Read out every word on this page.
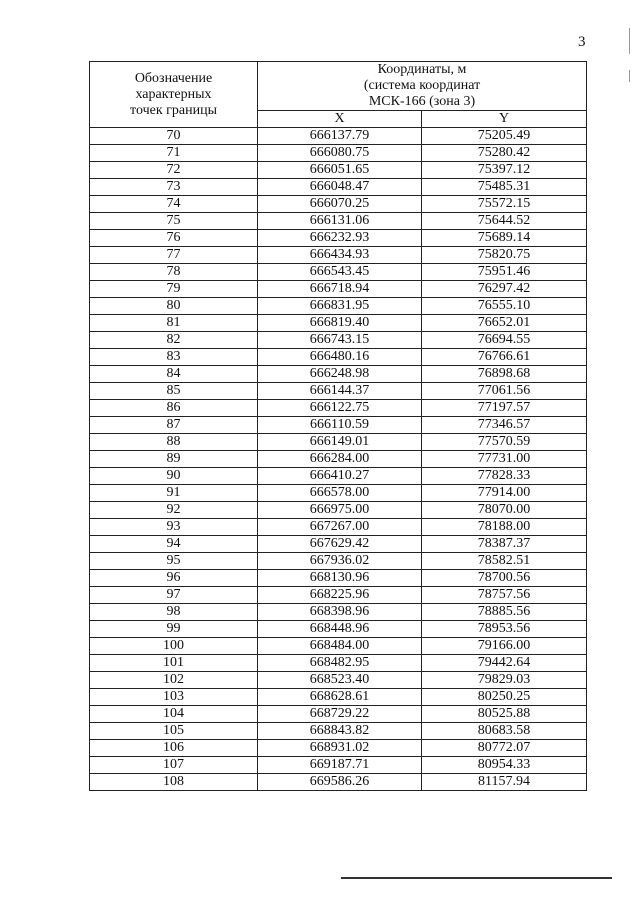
3
Обозначение
характерных
точек границы	Координаты, м
(система координат
МСК-166 (зона 3)	

	X	Y
70	666137.79	75205.49
71	666080.75	75280.42
72	666051.65	75397.12
73	666048.47	75485.31
74	666070.25	75572.15
75	666131.06	75644.52
76	666232.93	75689.14
77	666434.93	75820.75
78	666543.45	75951.46
79	666718.94	76297.42
80	666831.95	76555.10
81	666819.40	76652.01
82	666743.15	76694.55
83	666480.16	76766.61
84	666248.98	76898.68
85	666144.37	77061.56
86	666122.75	77197.57
87	666110.59	77346.57
88	666149.01	77570.59
89	666284.00	77731.00
90	666410.27	77828.33
91	666578.00	77914.00
92	666975.00	78070.00
93	667267.00	78188.00
94	667629.42	78387.37
95	667936.02	78582.51
96	668130.96	78700.56
97	668225.96	78757.56
98	668398.96	78885.56
99	668448.96	78953.56
100	668484.00	79166.00
101	668482.95	79442.64
102	668523.40	79829.03
103	668628.61	80250.25
104	668729.22	80525.88
105	668843.82	80683.58
106	668931.02	80772.07
107	669187.71	80954.33
108	669586.26	81157.94
